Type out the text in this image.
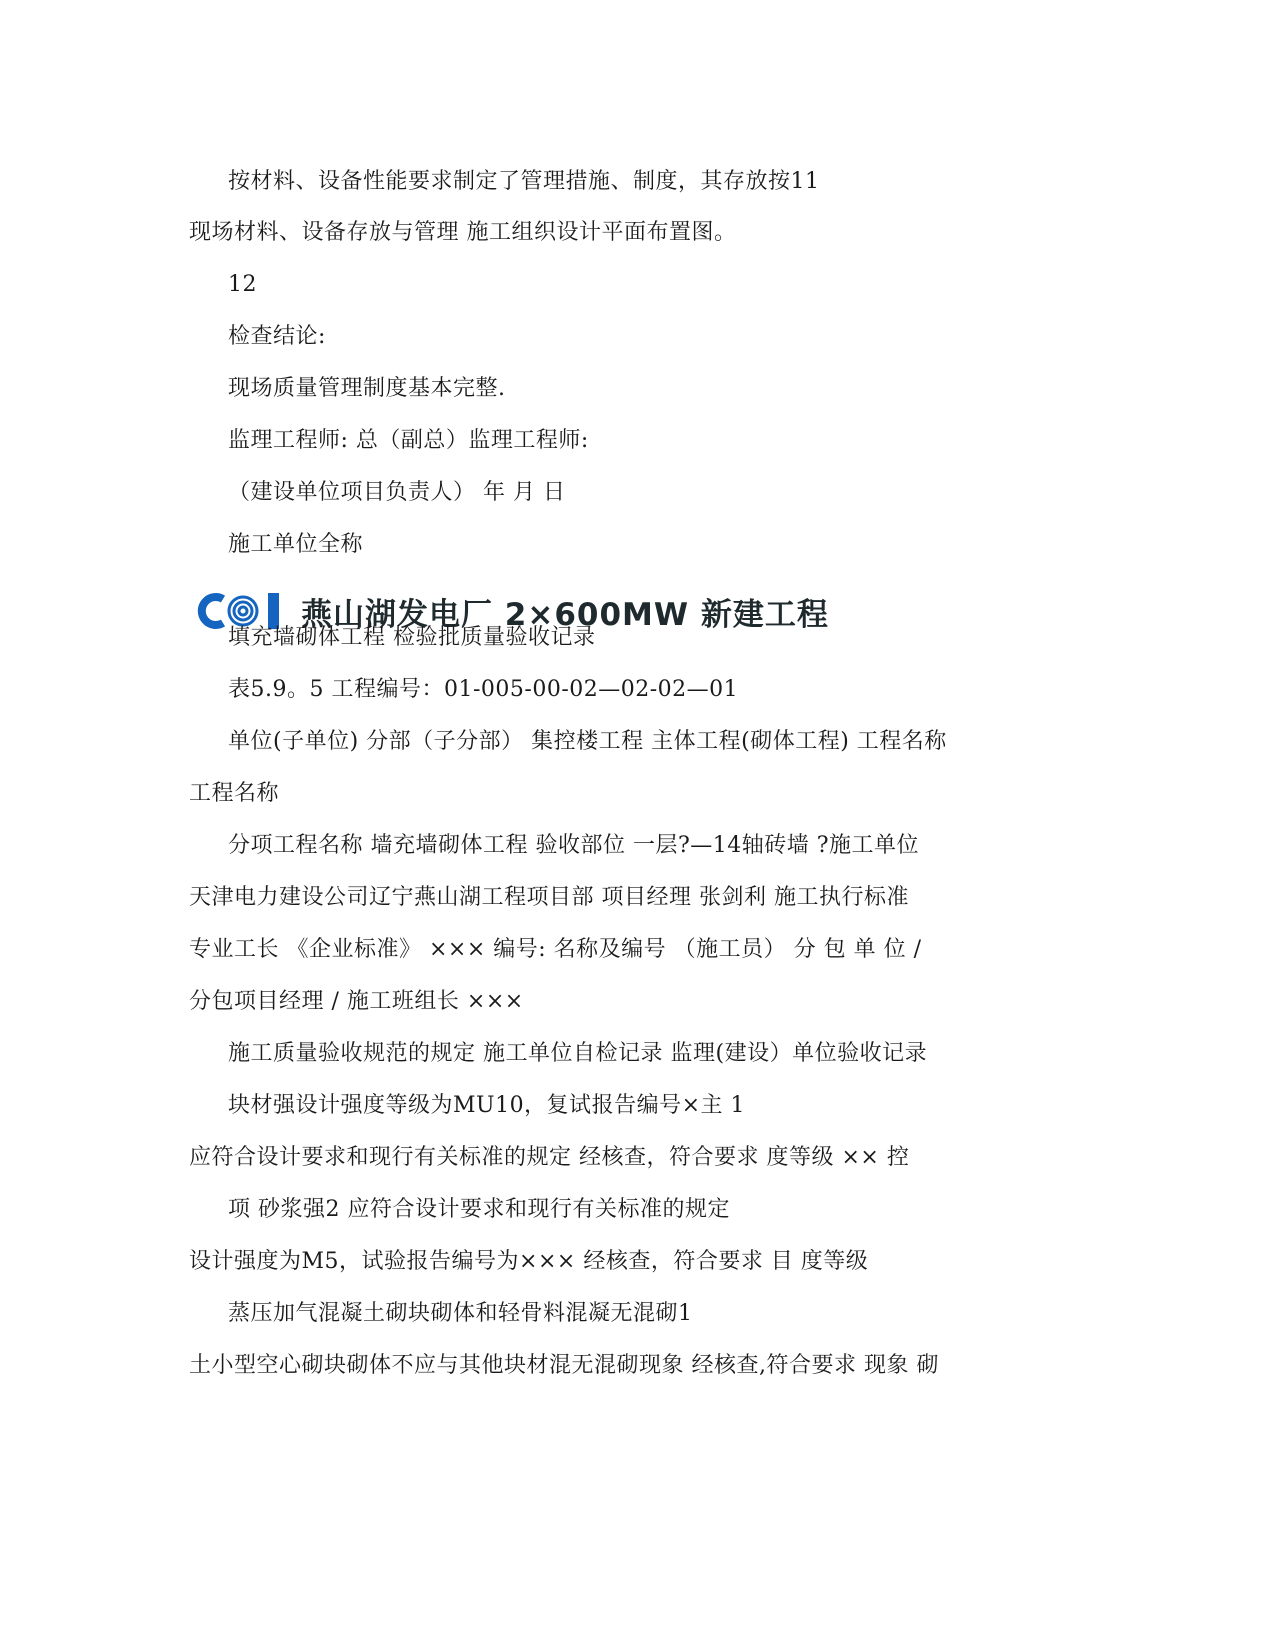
按材料、设备性能要求制定了管理措施、制度，其存放按11
现场材料、设备存放与管理 施工组织设计平面布置图。
12
检查结论:
现场质量管理制度基本完整.
监理工程师: 总（副总）监理工程师:
（建设单位项目负责人） 年 月 日
施工单位全称
燕山湖发电厂 2×600MW 新建工程
填充墙砌体工程 检验批质量验收记录
表5.9。5 工程编号：01-005-00-02—02-02—01
单位(子单位) 分部（子分部） 集控楼工程 主体工程(砌体工程) 工程名称
工程名称
分项工程名称 墙充墙砌体工程 验收部位 一层?—14轴砖墙 ?施工单位
天津电力建设公司辽宁燕山湖工程项目部 项目经理 张剑利 施工执行标准
专业工长 《企业标准》 ××× 编号: 名称及编号 （施工员） 分 包 单 位 /
分包项目经理 / 施工班组长 ×××
施工质量验收规范的规定 施工单位自检记录 监理(建设）单位验收记录
块材强设计强度等级为MU10，复试报告编号×主 1
应符合设计要求和现行有关标准的规定 经核查，符合要求 度等级 ×× 控
项 砂浆强2 应符合设计要求和现行有关标准的规定
设计强度为M5，试验报告编号为××× 经核查，符合要求 目 度等级
蒸压加气混凝土砌块砌体和轻骨料混凝无混砌1
土小型空心砌块砌体不应与其他块材混无混砌现象 经核查,符合要求 现象 砌
